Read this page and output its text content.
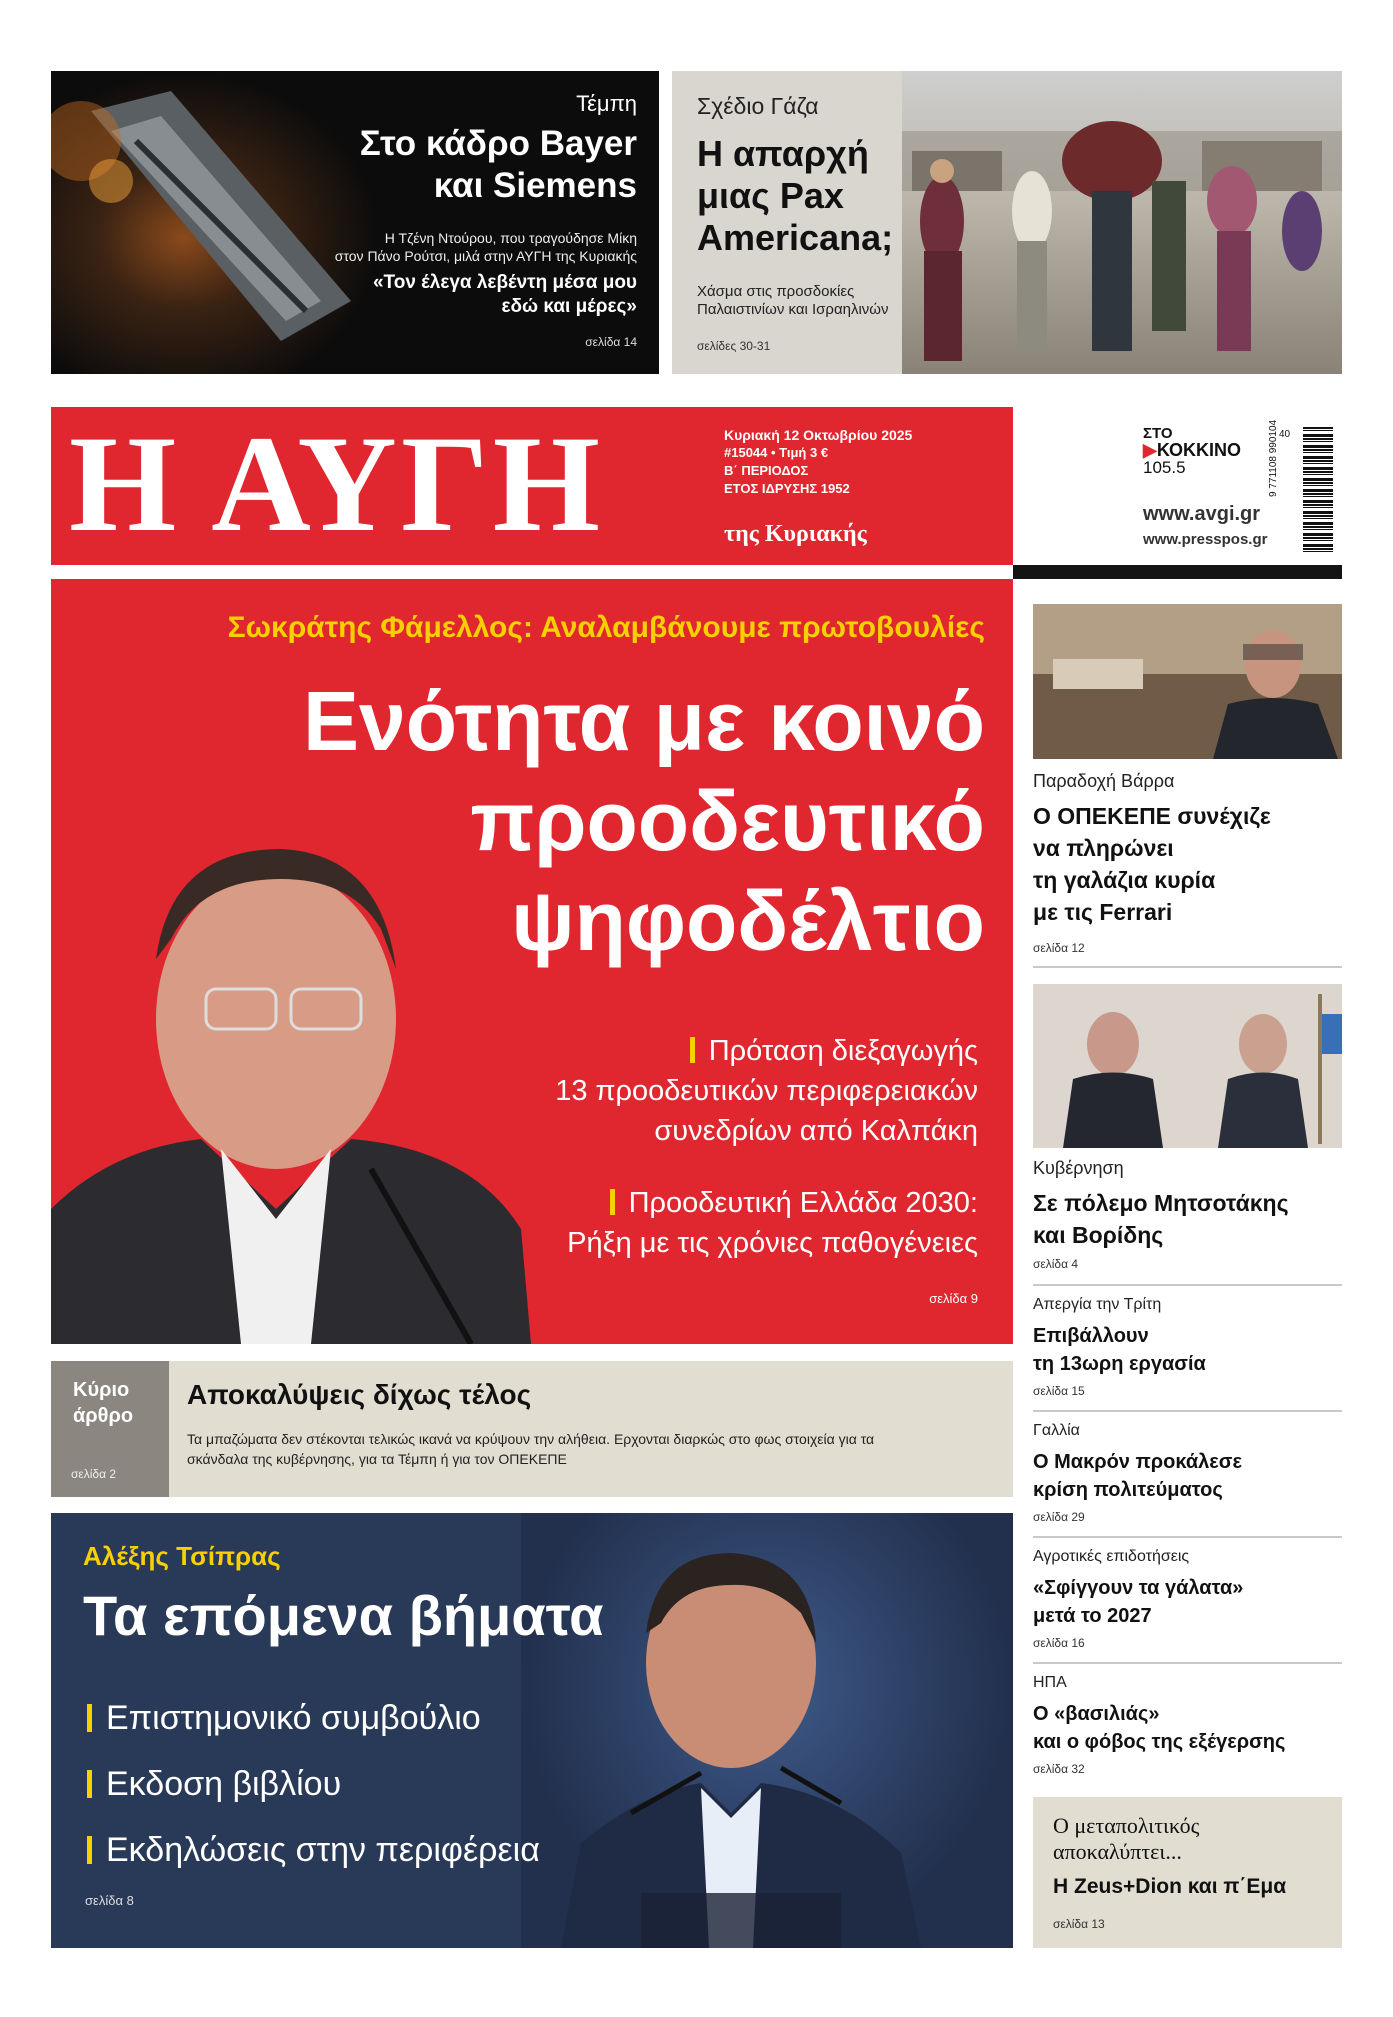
Τέμπη
Στο κάδρο Bayer
και Siemens
Η Τζένη Ντούρου, που τραγούδησε Μίκη
στον Πάνο Ρούτσι, μιλά στην ΑΥΓΗ της Κυριακής
«Τον έλεγα λεβέντη μέσα μου
εδώ και μέρες»
σελίδα 14
Σχέδιο Γάζα
Η απαρχή
μιας Pax
Americana;
Χάσμα στις προσδοκίες
Παλαιστινίων και Ισραηλινών
σελίδες 30-31
Η ΑΥΓΗ	Κυριακή 12 Οκτωβρίου 2025
#15044 • Τιμή 3 €
Β΄ ΠΕΡΙΟΔΟΣ
ΕΤΟΣ ΙΔΡΥΣΗΣ 1952
της Κυριακής
ΣΤΟ
▶ΚΟΚΚΙΝΟ
105.5
www.avgi.gr
www.presspos.gr
9 771108 990104 40
Σωκράτης Φάμελλος: Αναλαμβάνουμε πρωτοβουλίες
Ενότητα με κοινό
προοδευτικό
ψηφοδέλτιο
Πρόταση διεξαγωγής
13 προοδευτικών περιφερειακών
συνεδρίων από Καλπάκη
Προοδευτική Ελλάδα 2030:
Ρήξη με τις χρόνιες παθογένειες
σελίδα 9
Κύριο
άρθρο
σελίδα 2
Αποκαλύψεις δίχως τέλος
Τα μπαζώματα δεν στέκονται τελικώς ικανά να κρύψουν την αλήθεια. Ερχονται διαρκώς στο φως στοιχεία για τα
σκάνδαλα της κυβέρνησης, για τα Τέμπη ή για τον ΟΠΕΚΕΠΕ
Αλέξης Τσίπρας
Τα επόμενα βήματα
Επιστημονικό συμβούλιο
Εκδοση βιβλίου
Εκδηλώσεις στην περιφέρεια
σελίδα 8
Παραδοχή Βάρρα
Ο ΟΠΕΚΕΠΕ συνέχιζε
να πληρώνει
τη γαλάζια κυρία
με τις Ferrari
σελίδα 12
Κυβέρνηση
Σε πόλεμο Μητσοτάκης
και Βορίδης
σελίδα 4
Απεργία την Τρίτη
Επιβάλλουν
τη 13ωρη εργασία
σελίδα 15
Γαλλία
Ο Μακρόν προκάλεσε
κρίση πολιτεύματος
σελίδα 29
Αγροτικές επιδοτήσεις
«Σφίγγουν τα γάλατα»
μετά το 2027
σελίδα 16
ΗΠΑ
Ο «βασιλιάς»
και ο φόβος της εξέγερσης
σελίδα 32
Ο μεταπολιτικός
αποκαλύπτει...
Η Zeus+Dion και π΄Εμα
σελίδα 13
